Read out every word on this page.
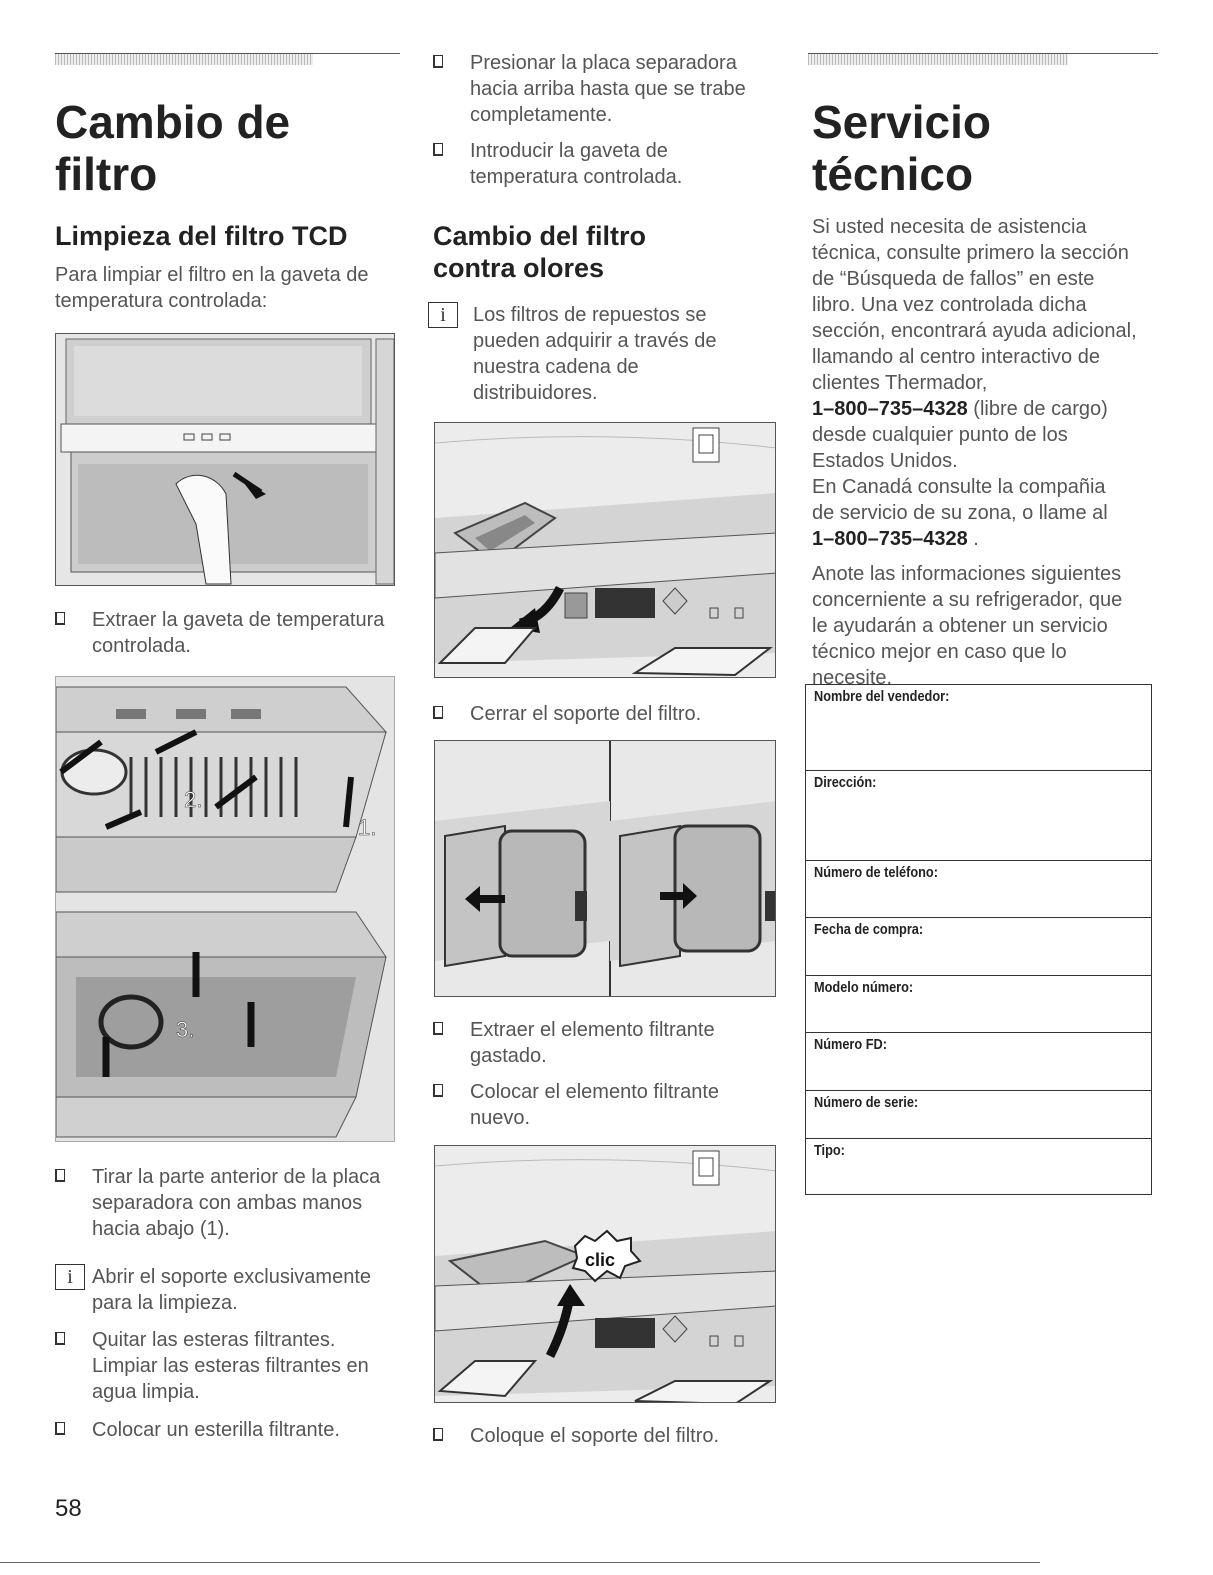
Cambio de
filtro
Limpieza del filtro TCD
Para limpiar el filtro en la gaveta de
temperatura controlada:
Extraer la gaveta de temperatura
controlada.
1.
2.
3.
Tirar la parte anterior de la placa
separadora con ambas manos
hacia abajo (1).
i Abrir el soporte exclusivamente
para la limpieza.
Quitar las esteras filtrantes.
Limpiar las esteras filtrantes en
agua limpia.
Colocar un esterilla filtrante.
Presionar la placa separadora
hacia arriba hasta que se trabe
completamente.
Introducir la gaveta de
temperatura controlada.
Cambio del filtro
contra olores
i	Los filtros de repuestos se
pueden adquirir a través de
nuestra cadena de
distribuidores.
Cerrar el soporte del filtro.
Extraer el elemento filtrante
gastado.
Colocar el elemento filtrante
nuevo.
clic
Coloque el soporte del filtro.
Servicio
técnico
Si usted necesita de asistencia
técnica, consulte primero la sección
de “Búsqueda de fallos” en este
libro. Una vez controlada dicha
sección, encontrará ayuda adicional,
llamando al centro interactivo de
clientes Thermador,
1–800–735–4328 (libre de cargo)
desde cualquier punto de los
Estados Unidos.
En Canadá consulte la compañia
de servicio de su zona, o llame al
1–800–735–4328 .
Anote las informaciones siguientes
concerniente a su refrigerador, que
le ayudarán a obtener un servicio
técnico mejor en caso que lo
necesite.
Nombre del vendedor:
Dirección:
Número de teléfono:
Fecha de compra:
Modelo número:
Número FD:
Número de serie:
Tipo:
58
